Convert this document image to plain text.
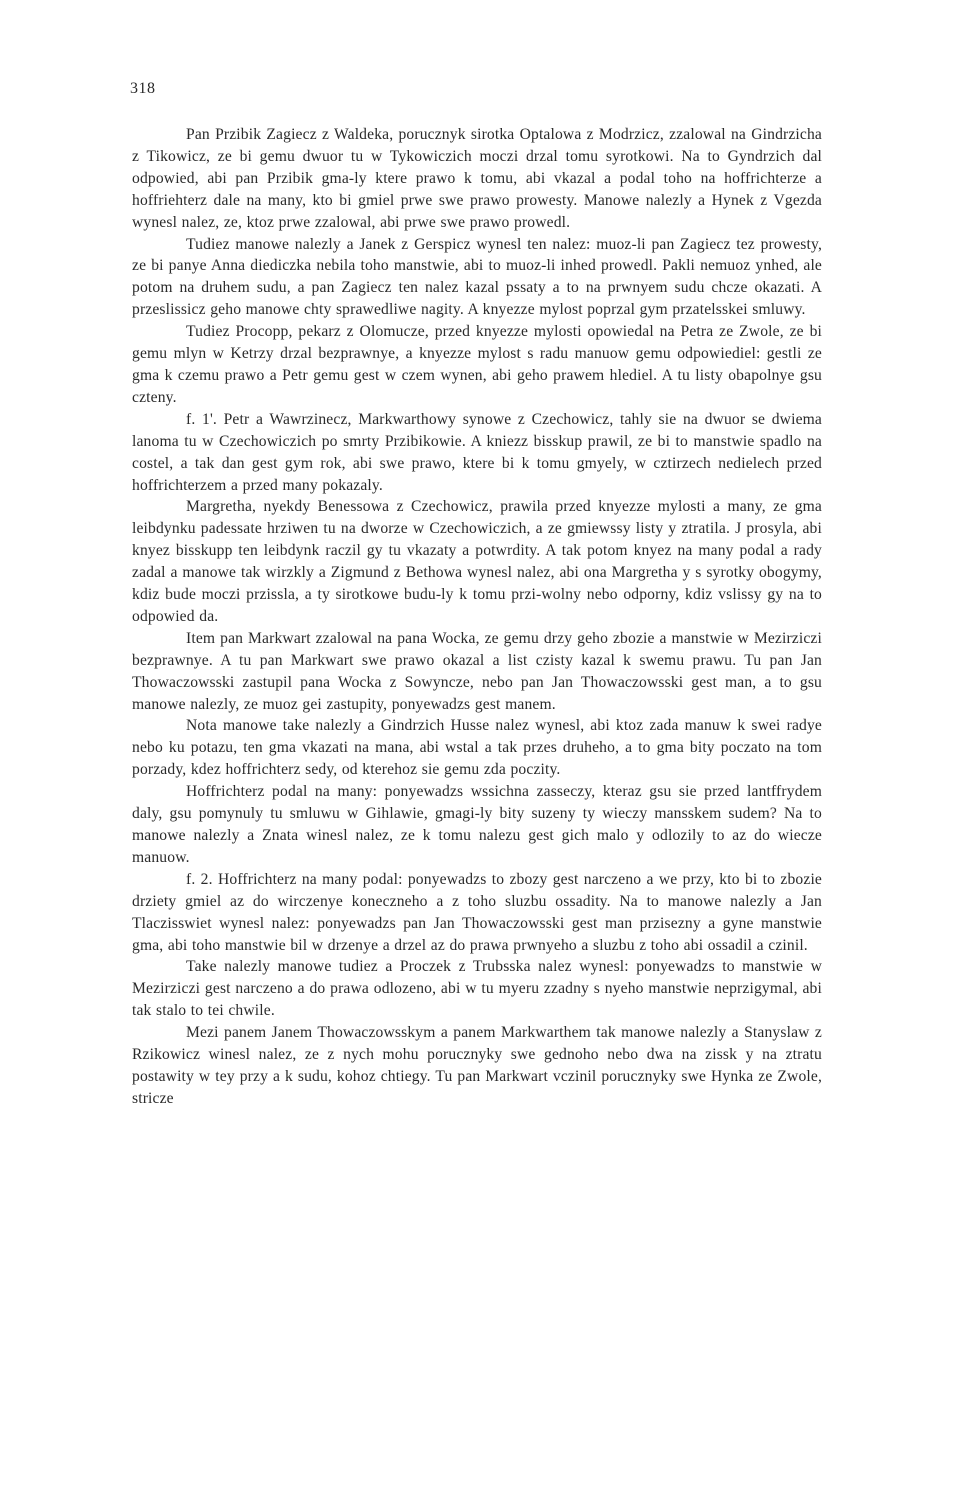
318

Pan Przibik Zagiecz z Waldeka, porucznyk sirotka Optalowa z Modrzicz, zzalowal na Gindrzicha z Tikowicz, ze bi gemu dwuor tu w Tykowiczich moczi drzal tomu syrotkowi. Na to Gyndrzich dal odpowied, abi pan Przibik gma-ly ktere prawo k tomu, abi vkazal a podal toho na hoffrichterze a hoffriehterz dale na many, kto bi gmiel prwe swe prawo prowesty. Manowe nalezly a Hynek z Vgezda wynesl nalez, ze, ktoz prwe zzalowal, abi prwe swe prawo prowedl.

Tudiez manowe nalezly a Janek z Gerspicz wynesl ten nalez: muoz-li pan Zagiecz tez prowesty, ze bi panye Anna diediczka nebila toho manstwie, abi to muoz-li inhed prowedl. Pakli nemuoz ynhed, ale potom na druhem sudu, a pan Zagiecz ten nalez kazal pssaty a to na prwnyem sudu chcze okazati. A przeslissicz geho manowe chty sprawedliwe nagity. A knyezze mylost poprzal gym przatelsskei smluwy.

Tudiez Procopp, pekarz z Olomucze, przed knyezze mylosti opowiedal na Petra ze Zwole, ze bi gemu mlyn w Ketrzy drzal bezprawnye, a knyezze mylost s radu manuow gemu odpowiediel: gestli ze gma k czemu prawo a Petr gemu gest w czem wynen, abi geho prawem hlediel. A tu listy obapolnye gsu czteny.

f. 1'. Petr a Wawrzinecz, Markwarthowy synowe z Czechowicz, tahly sie na dwuor se dwiema lanoma tu w Czechowiczich po smrty Przibikowie. A kniezz bisskup prawil, ze bi to manstwie spadlo na costel, a tak dan gest gym rok, abi swe prawo, ktere bi k tomu gmyely, w cztirzech nedielech przed hoffrichterzem a przed many pokazaly.

Margretha, nyekdy Benessowa z Czechowicz, prawila przed knyezze mylosti a many, ze gma leibdynku padessate hrziwen tu na dworze w Czechowiczich, a ze gmiewssy listy y ztratila. J prosyla, abi knyez bisskupp ten leibdynk raczil gy tu vkazaty a potwrdity. A tak potom knyez na many podal a rady zadal a manowe tak wirzkly a Zigmund z Bethowa wynesl nalez, abi ona Margretha y s syrotky obogymy, kdiz bude moczi przissla, a ty sirotkowe budu-ly k tomu przi-wolny nebo odporny, kdiz vslissy gy na to odpowied da.

Item pan Markwart zzalowal na pana Wocka, ze gemu drzy geho zbozie a manstwie w Mezirziczi bezprawnye. A tu pan Markwart swe prawo okazal a list czisty kazal k swemu prawu. Tu pan Jan Thowaczowsski zastupil pana Wocka z Sowyncze, nebo pan Jan Thowaczowsski gest man, a to gsu manowe nalezly, ze muoz gei zastupity, ponyewadzs gest manem.

Nota manowe take nalezly a Gindrzich Husse nalez wynesl, abi ktoz zada manuw k swei radye nebo ku potazu, ten gma vkazati na mana, abi wstal a tak przes druheho, a to gma bity poczato na tom porzady, kdez hoffrichterz sedy, od kterehoz sie gemu zda poczity.

Hoffrichterz podal na many: ponyewadzs wssichna zasseczy, kteraz gsu sie przed lantffrydem daly, gsu pomynuly tu smluwu w Gihlawie, gmagi-ly bity suzeny ty wieczy mansskem sudem? Na to manowe nalezly a Znata winesl nalez, ze k tomu nalezu gest gich malo y odlozily to az do wiecze manuow.

f. 2. Hoffrichterz na many podal: ponyewadzs to zbozy gest narczeno a we przy, kto bi to zbozie drziety gmiel az do wirczenye koneczneho a z toho sluzbu ossadity. Na to manowe nalezly a Jan Tlaczisswiet wynesl nalez: ponyewadzs pan Jan Thowaczowsski gest man przisezny a gyne manstwie gma, abi toho manstwie bil w drzenye a drzel az do prawa prwnyeho a sluzbu z toho abi ossadil a czinil.

Take nalezly manowe tudiez a Proczek z Trubsska nalez wynesl: ponyewadzs to manstwie w Mezirziczi gest narczeno a do prawa odlozeno, abi w tu myeru zzadny s nyeho manstwie neprzigymal, abi tak stalo to tei chwile.

Mezi panem Janem Thowaczowsskym a panem Markwarthem tak manowe nalezly a Stanyslaw z Rzikowicz winesl nalez, ze z nych mohu porucznyky swe gednoho nebo dwa na zissk y na ztratu postawity w tey przy a k sudu, kohoz chtiegy. Tu pan Markwart vczinil porucznyky swe Hynka ze Zwole, stricze
